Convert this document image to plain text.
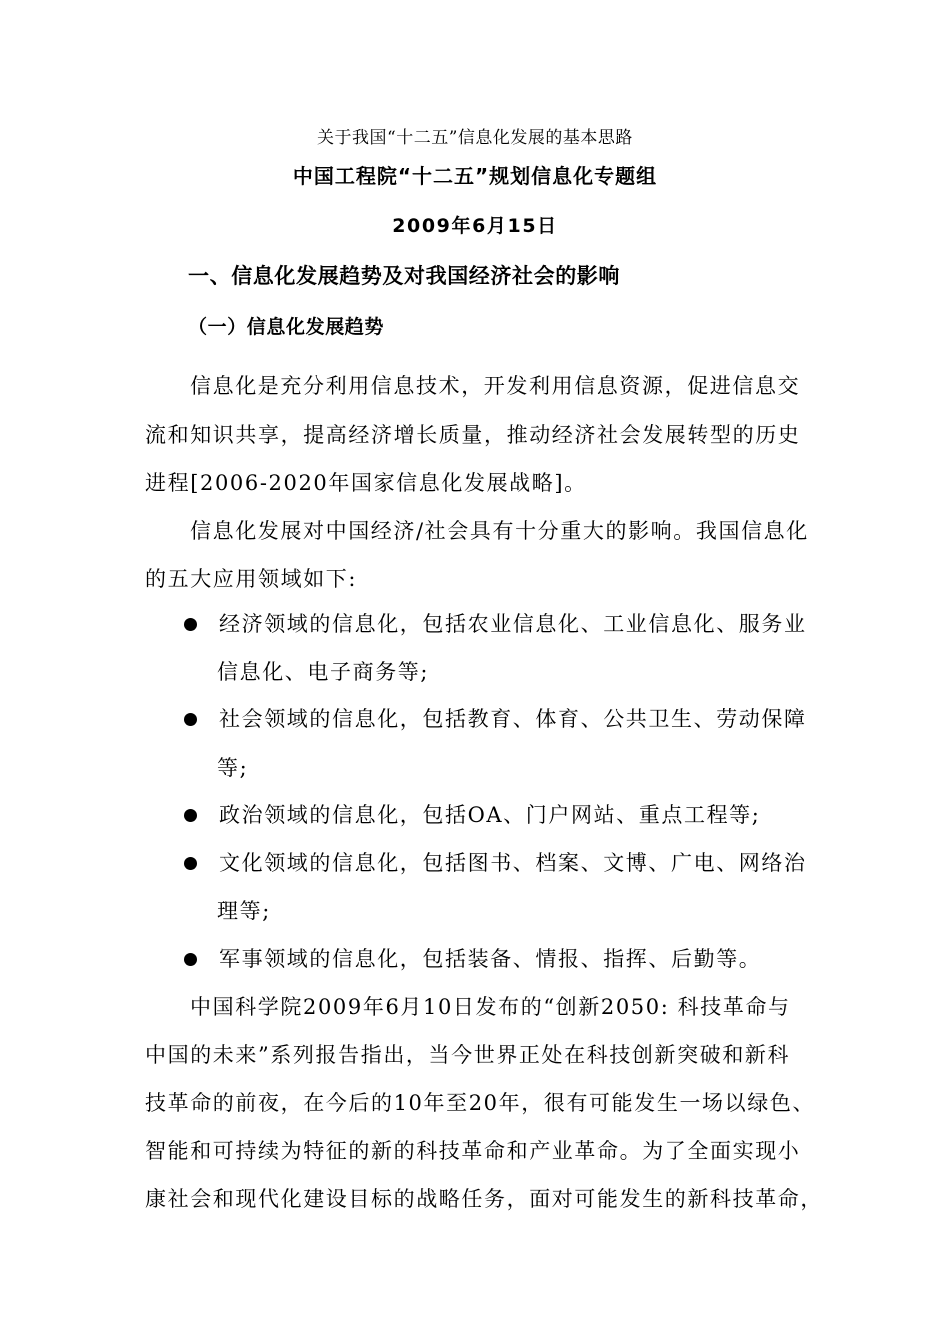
关于我国“十二五”信息化发展的基本思路
中国工程院“十二五”规划信息化专题组
2009年6月15日
一、信息化发展趋势及对我国经济社会的影响
（一）信息化发展趋势
信息化是充分利用信息技术，开发利用信息资源，促进信息交
流和知识共享，提高经济增长质量，推动经济社会发展转型的历史
进程[2006-2020年国家信息化发展战略]。
信息化发展对中国经济/社会具有十分重大的影响。我国信息化
的五大应用领域如下:
经济领域的信息化，包括农业信息化、工业信息化、服务业
信息化、电子商务等;
社会领域的信息化，包括教育、体育、公共卫生、劳动保障
等;
政治领域的信息化，包括OA、门户网站、重点工程等;
文化领域的信息化，包括图书、档案、文博、广电、网络治
理等;
军事领域的信息化，包括装备、情报、指挥、后勤等。
中国科学院2009年6月10日发布的“创新2050: 科技革命与
中国的未来”系列报告指出，当今世界正处在科技创新突破和新科
技革命的前夜，在今后的10年至20年，很有可能发生一场以绿色、
智能和可持续为特征的新的科技革命和产业革命。为了全面实现小
康社会和现代化建设目标的战略任务，面对可能发生的新科技革命，
